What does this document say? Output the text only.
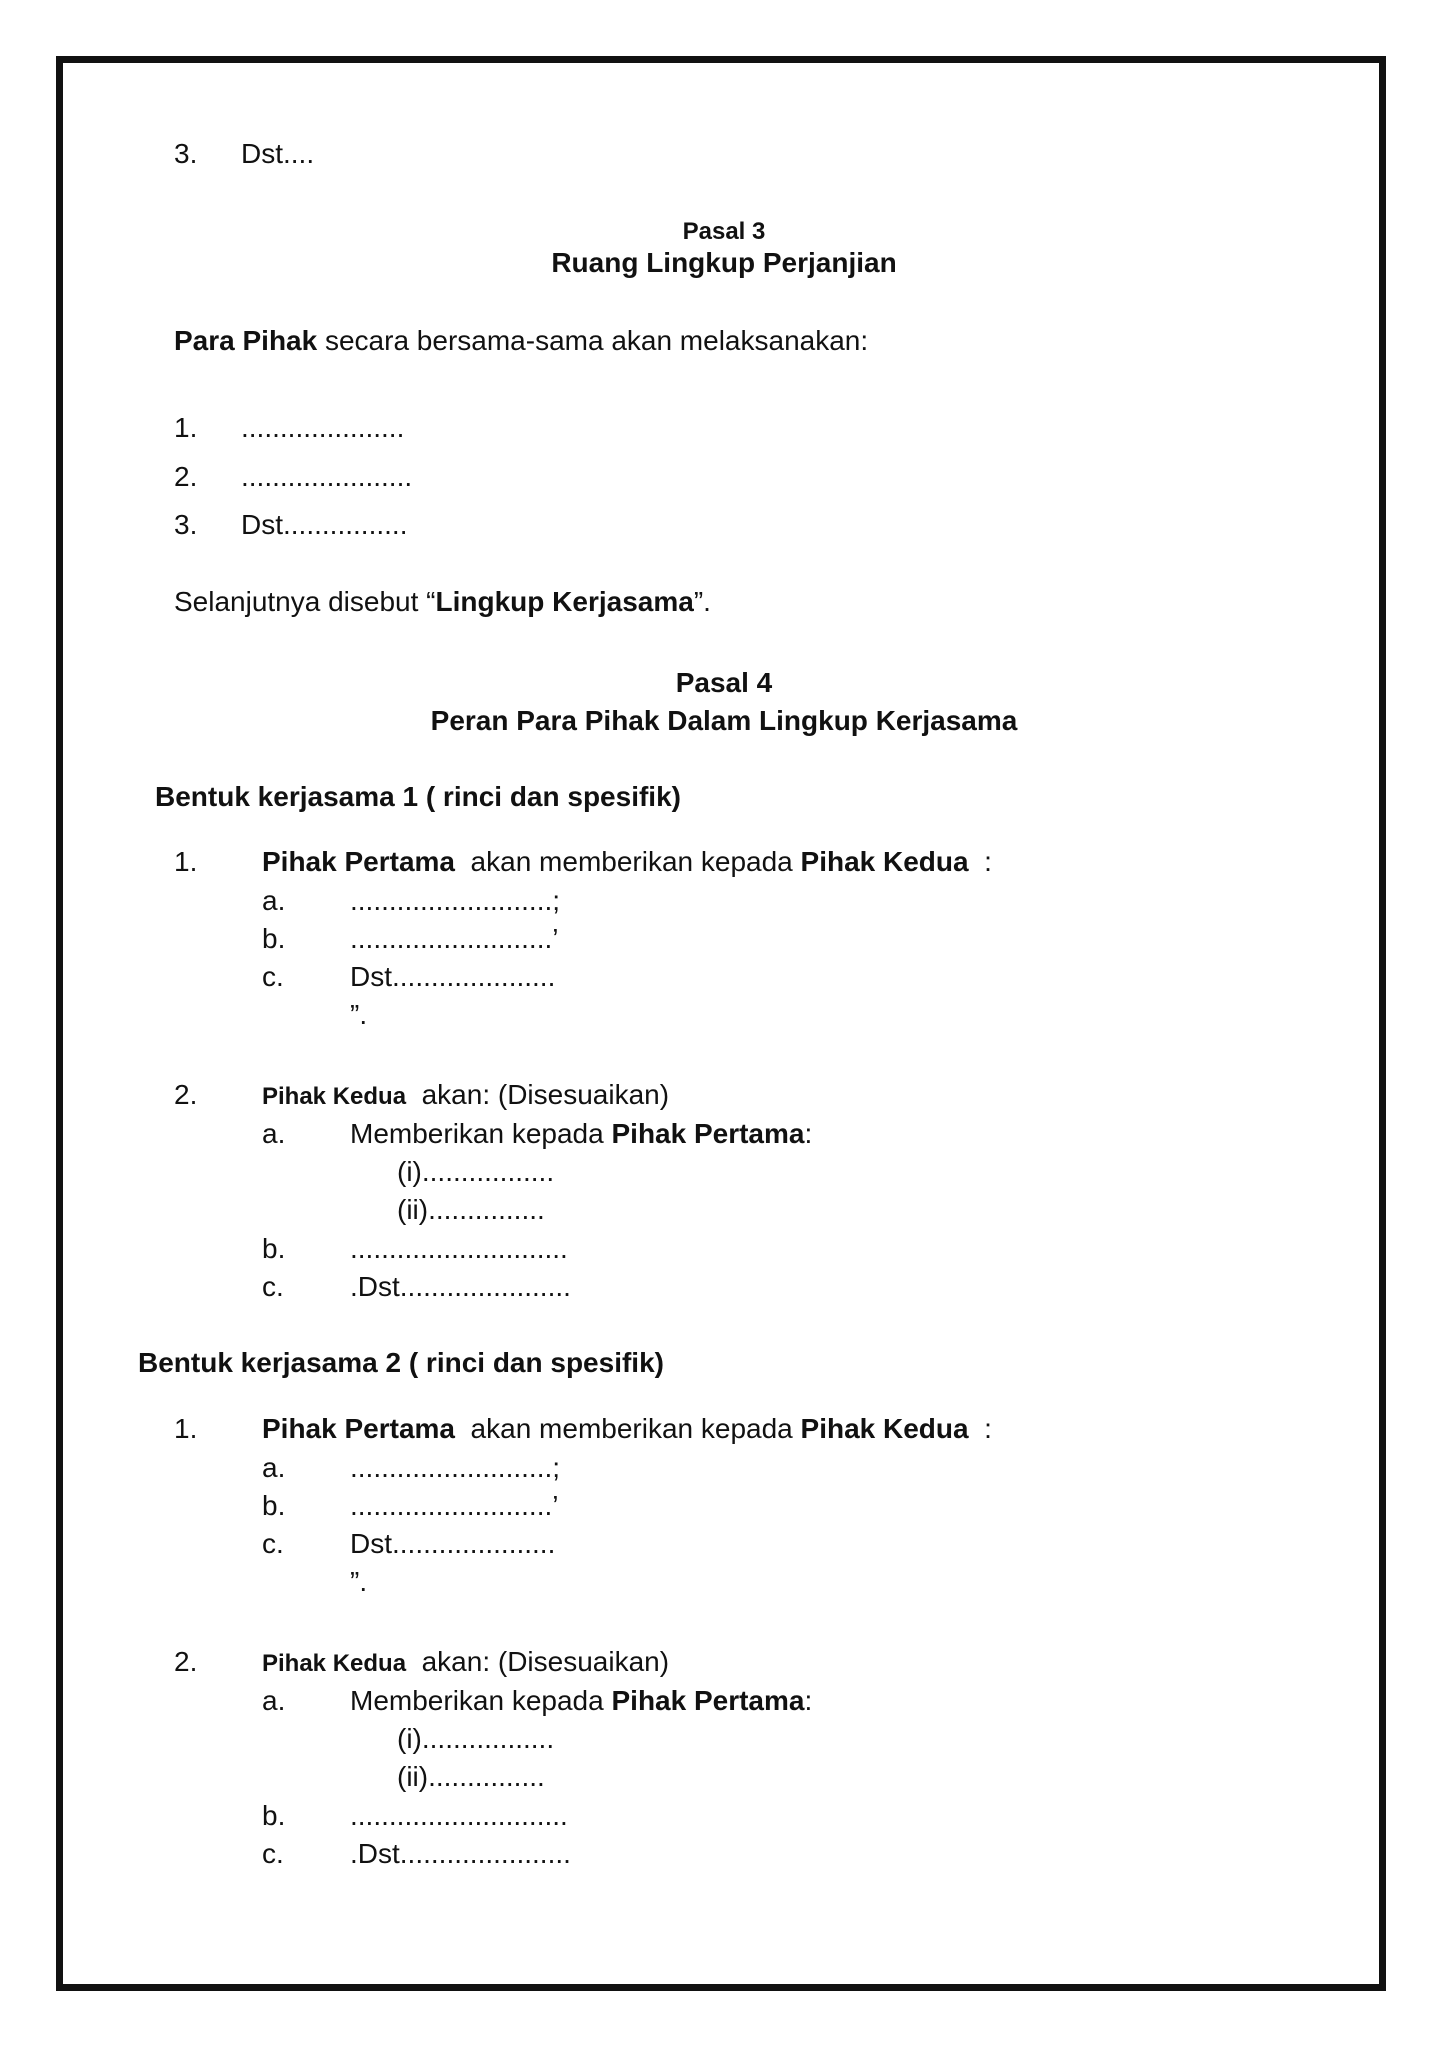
3. Dst....
Pasal 3
Ruang Lingkup Perjanjian
Para Pihak secara bersama-sama akan melaksanakan:
1. .....................
2. ......................
3. Dst................
Selanjutnya disebut “Lingkup Kerjasama”.
Pasal 4
Peran Para Pihak Dalam Lingkup Kerjasama
Bentuk kerjasama 1 ( rinci dan spesifik)
1. Pihak Pertama  akan memberikan kepada Pihak Kedua  :
a. ..........................;
b. ..........................’
c. Dst.....................
”.
2.	Pihak Kedua  akan: (Disesuaikan)
a. Memberikan kepada Pihak Pertama:
(i).................
(ii)...............
b. ............................
c. .Dst......................
Bentuk kerjasama 2 ( rinci dan spesifik)
1. Pihak Pertama  akan memberikan kepada Pihak Kedua  :
a. ..........................;
b. ..........................’
c. Dst.....................
”.
2.	Pihak Kedua  akan: (Disesuaikan)
a. Memberikan kepada Pihak Pertama:
(i).................
(ii)...............
b. ............................
c. .Dst......................
